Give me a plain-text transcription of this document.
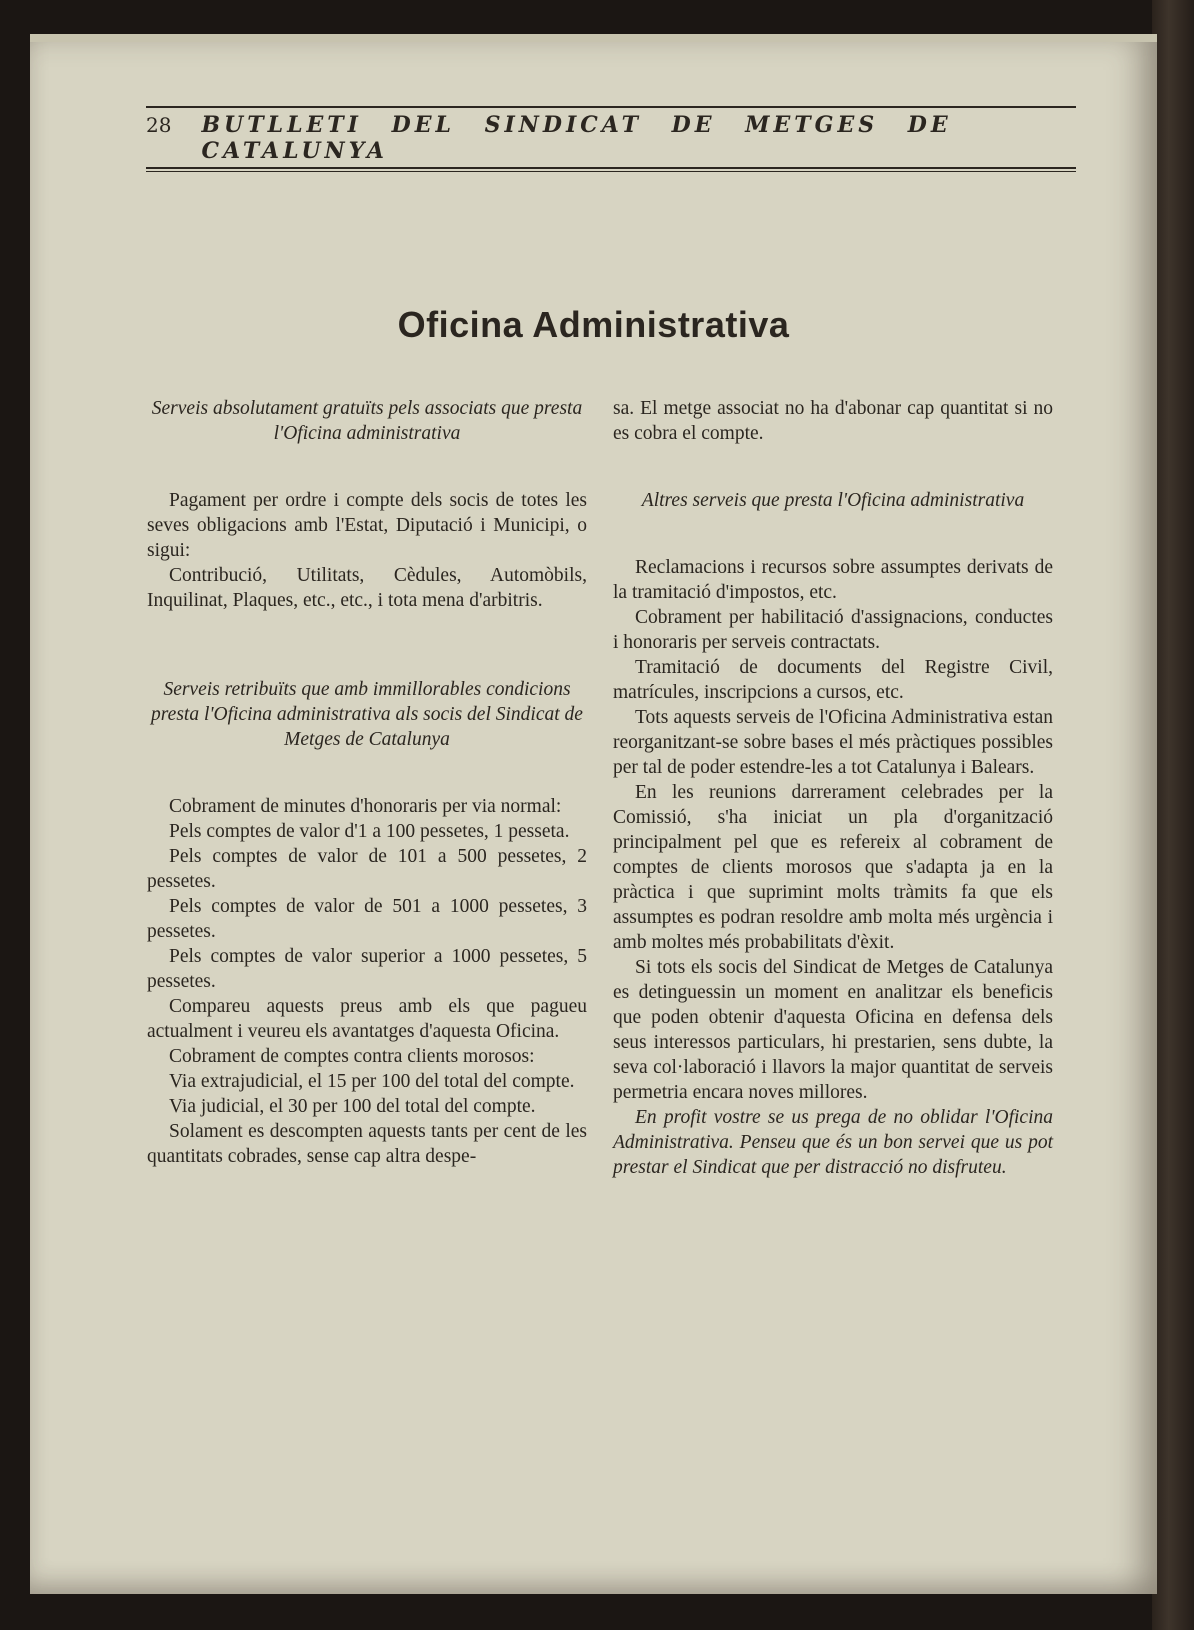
28 BUTLLETI DEL SINDICAT DE METGES DE CATALUNYA
Oficina Administrativa

Serveis absolutament gratuïts pels associats que presta l'Oficina administrativa

Pagament per ordre i compte dels socis de totes les seves obligacions amb l'Estat, Diputació i Municipi, o sigui:

Contribució, Utilitats, Cèdules, Automòbils, Inquilinat, Plaques, etc., etc., i tota mena d'arbitris.

Serveis retribuïts que amb immillorables condicions presta l'Oficina administrativa als socis del Sindicat de Metges de Catalunya

Cobrament de minutes d'honoraris per via normal:

Pels comptes de valor d'1 a 100 pessetes, 1 pesseta.

Pels comptes de valor de 101 a 500 pessetes, 2 pessetes.

Pels comptes de valor de 501 a 1000 pessetes, 3 pessetes.

Pels comptes de valor superior a 1000 pessetes, 5 pessetes.

Compareu aquests preus amb els que pagueu actualment i veureu els avantatges d'aquesta Oficina.

Cobrament de comptes contra clients morosos:

Via extrajudicial, el 15 per 100 del total del compte.

Via judicial, el 30 per 100 del total del compte.

Solament es descompten aquests tants per cent de les quantitats cobrades, sense cap altra despe-

sa. El metge associat no ha d'abonar cap quantitat si no es cobra el compte.

Altres serveis que presta l'Oficina administrativa

Reclamacions i recursos sobre assumptes derivats de la tramitació d'impostos, etc.

Cobrament per habilitació d'assignacions, conductes i honoraris per serveis contractats.

Tramitació de documents del Registre Civil, matrícules, inscripcions a cursos, etc.

Tots aquests serveis de l'Oficina Administrativa estan reorganitzant-se sobre bases el més pràctiques possibles per tal de poder estendre-les a tot Catalunya i Balears.

En les reunions darrerament celebrades per la Comissió, s'ha iniciat un pla d'organització principalment pel que es refereix al cobrament de comptes de clients morosos que s'adapta ja en la pràctica i que suprimint molts tràmits fa que els assumptes es podran resoldre amb molta més urgència i amb moltes més probabilitats d'èxit.

Si tots els socis del Sindicat de Metges de Catalunya es detinguessin un moment en analitzar els beneficis que poden obtenir d'aquesta Oficina en defensa dels seus interessos particulars, hi prestarien, sens dubte, la seva col·laboració i llavors la major quantitat de serveis permetria encara noves millores.

En profit vostre se us prega de no oblidar l'Oficina Administrativa. Penseu que és un bon servei que us pot prestar el Sindicat que per distracció no disfruteu.
